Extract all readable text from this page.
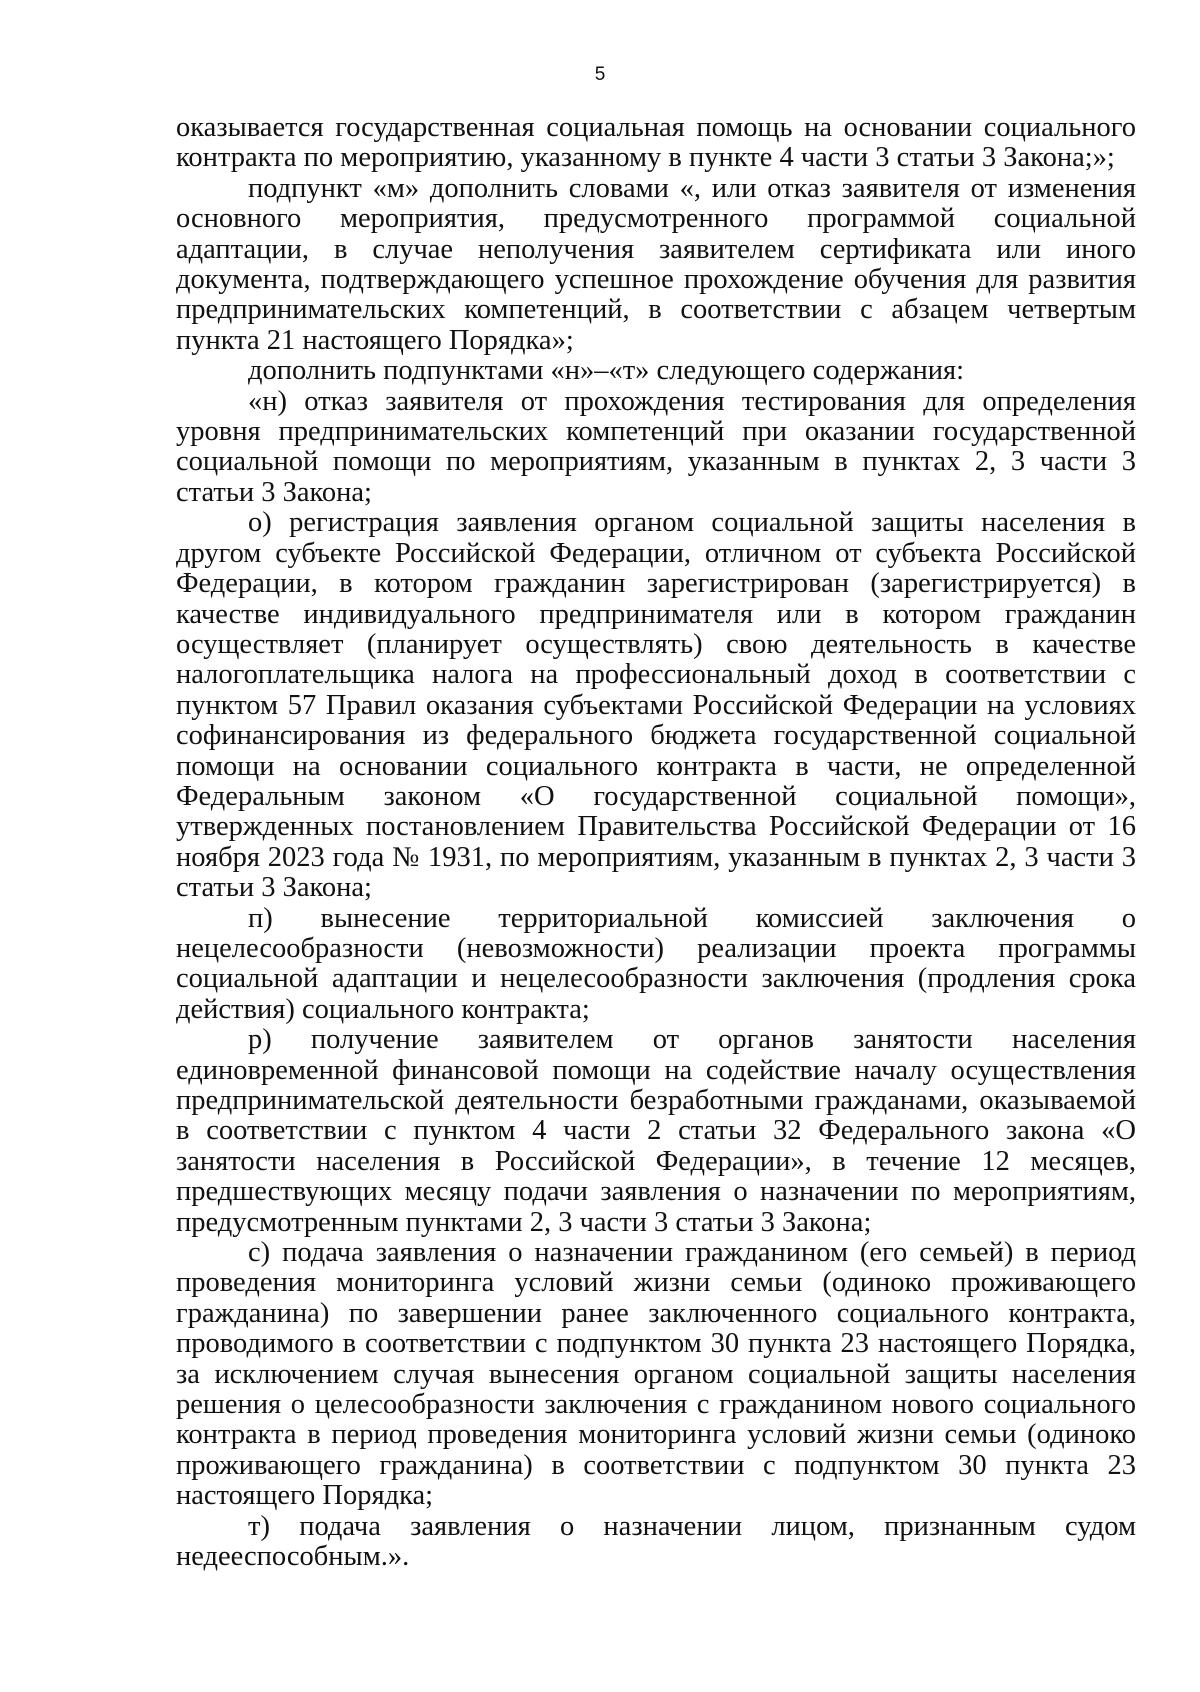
5

оказывается государственная социальная помощь на основании социального контракта по мероприятию, указанному в пункте 4 части 3 статьи 3 Закона;»;

подпункт «м» дополнить словами «, или отказ заявителя от изменения основного мероприятия, предусмотренного программой социальной адаптации, в случае неполучения заявителем сертификата или иного документа, подтверждающего успешное прохождение обучения для развития предпринимательских компетенций, в соответствии с абзацем четвертым пункта 21 настоящего Порядка»;

дополнить подпунктами «н»–«т» следующего содержания:

«н) отказ заявителя от прохождения тестирования для определения уровня предпринимательских компетенций при оказании государственной социальной помощи по мероприятиям, указанным в пунктах 2, 3 части 3 статьи 3 Закона;

о) регистрация заявления органом социальной защиты населения в другом субъекте Российской Федерации, отличном от субъекта Российской Федерации, в котором гражданин зарегистрирован (зарегистрируется) в качестве индивидуального предпринимателя или в котором гражданин осуществляет (планирует осуществлять) свою деятельность в качестве налогоплательщика налога на профессиональный доход в соответствии с пунктом 57 Правил оказания субъектами Российской Федерации на условиях софинансирования из федерального бюджета государственной социальной помощи на основании социального контракта в части, не определенной Федеральным законом «О государственной социальной помощи», утвержденных постановлением Правительства Российской Федерации от 16 ноября 2023 года № 1931, по мероприятиям, указанным в пунктах 2, 3 части 3 статьи 3 Закона;

п) вынесение территориальной комиссией заключения о нецелесообразности (невозможности) реализации проекта программы социальной адаптации и нецелесообразности заключения (продления срока действия) социального контракта;

р) получение заявителем от органов занятости населения единовременной финансовой помощи на содействие началу осуществления предпринимательской деятельности безработными гражданами, оказываемой в соответствии с пунктом 4 части 2 статьи 32 Федерального закона «О занятости населения в Российской Федерации», в течение 12 месяцев, предшествующих месяцу подачи заявления о назначении по мероприятиям, предусмотренным пунктами 2, 3 части 3 статьи 3 Закона;

с) подача заявления о назначении гражданином (его семьей) в период проведения мониторинга условий жизни семьи (одиноко проживающего гражданина) по завершении ранее заключенного социального контракта, проводимого в соответствии с подпунктом 30 пункта 23 настоящего Порядка, за исключением случая вынесения органом социальной защиты населения решения о целесообразности заключения с гражданином нового социального контракта в период проведения мониторинга условий жизни семьи (одиноко проживающего гражданина) в соответствии с подпунктом 30 пункта 23 настоящего Порядка;

т) подача заявления о назначении лицом, признанным судом недееспособным.».
